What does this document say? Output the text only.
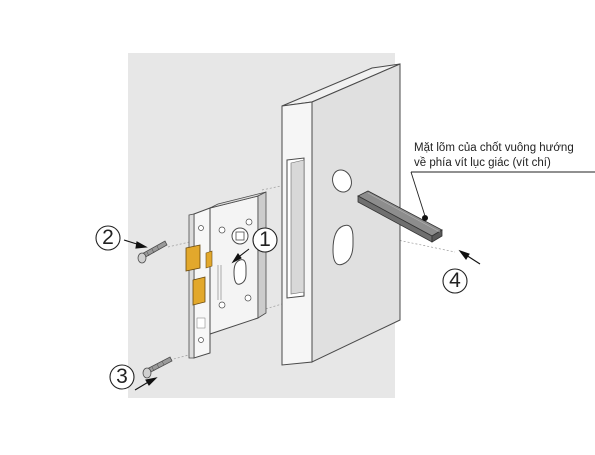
1
2
3
4
Mặt lõm của chốt vuông hướng
về phía vít lục giác (vít chí)
